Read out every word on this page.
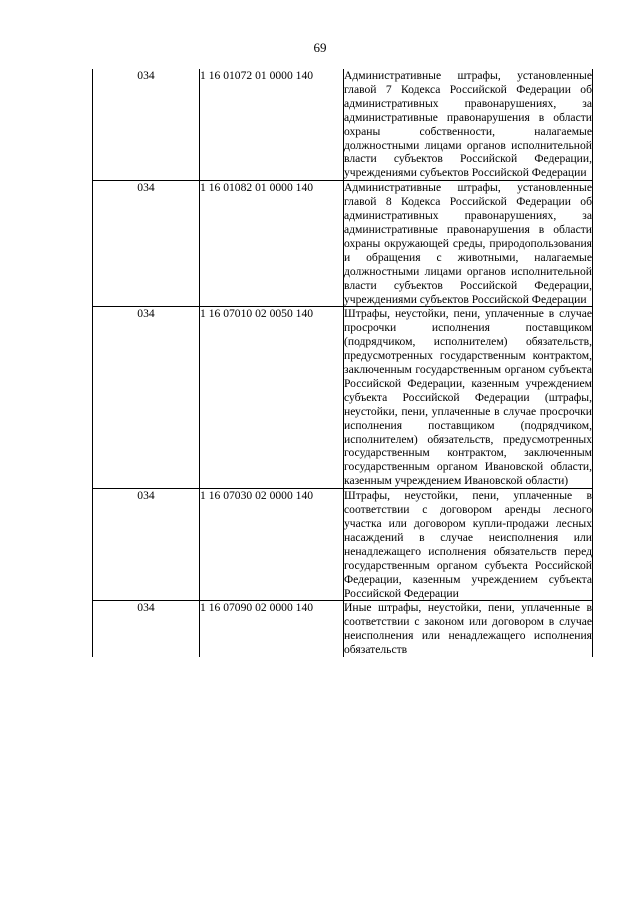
69
034	1 16 01072 01 0000 140	Административные штрафы, установленные главой 7 Кодекса Российской Федерации об административных правонарушениях, за административные правонарушения в области охраны собственности, налагаемые должностными лицами органов исполнительной власти субъектов Российской Федерации, учреждениями субъектов Российской Федерации
034	1 16 01082 01 0000 140	Административные штрафы, установленные главой 8 Кодекса Российской Федерации об административных правонарушениях, за административные правонарушения в области охраны окружающей среды, природопользования и обращения с животными, налагаемые должностными лицами органов исполнительной власти субъектов Российской Федерации, учреждениями субъектов Российской Федерации
034	1 16 07010 02 0050 140	Штрафы, неустойки, пени, уплаченные в случае просрочки исполнения поставщиком (подрядчиком, исполнителем) обязательств, предусмотренных государственным контрактом, заключенным государственным органом субъекта Российской Федерации, казенным учреждением субъекта Российской Федерации (штрафы, неустойки, пени, уплаченные в случае просрочки исполнения поставщиком (подрядчиком, исполнителем) обязательств, предусмотренных государственным контрактом, заключенным государственным органом Ивановской области, казенным учреждением Ивановской области)
034	1 16 07030 02 0000 140	Штрафы, неустойки, пени, уплаченные в соответствии с договором аренды лесного участка или договором купли-продажи лесных насаждений в случае неисполнения или ненадлежащего исполнения обязательств перед государственным органом субъекта Российской Федерации, казенным учреждением субъекта Российской Федерации
034	1 16 07090 02 0000 140	Иные штрафы, неустойки, пени, уплаченные в соответствии с законом или договором в случае неисполнения или ненадлежащего исполнения обязательств
